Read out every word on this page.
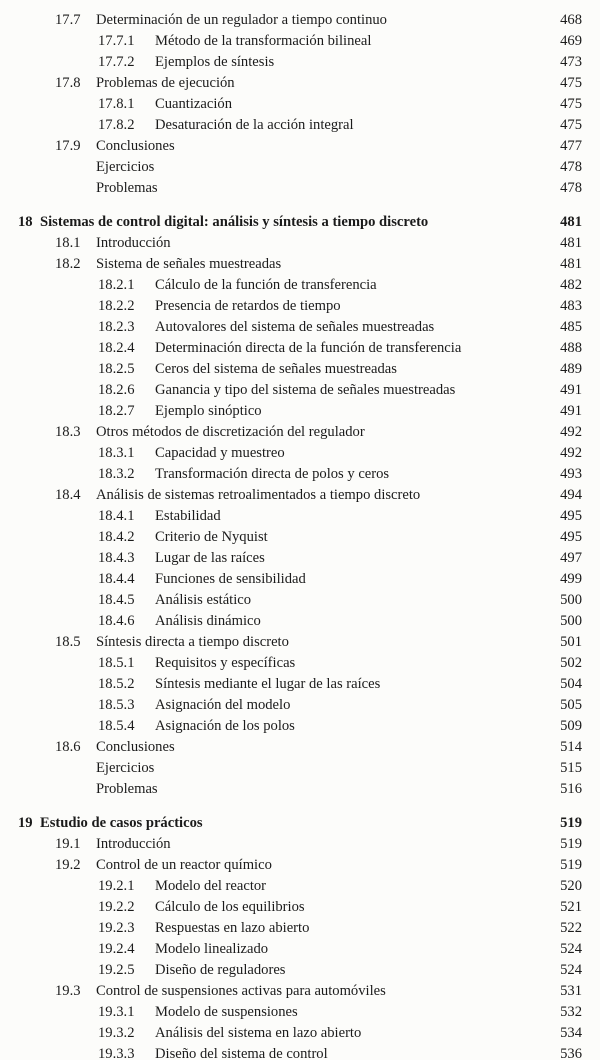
17.7	Determinación de un regulador a tiempo continuo	468
17.7.1	Método de la transformación bilineal	469
17.7.2	Ejemplos de síntesis	473
17.8	Problemas de ejecución	475
17.8.1	Cuantización	475
17.8.2	Desaturación de la acción integral	475
17.9	Conclusiones	477
Ejercicios	478
Problemas	478
18 Sistemas de control digital: análisis y síntesis a tiempo discreto	481
18.1	Introducción	481
18.2	Sistema de señales muestreadas	481
18.2.1	Cálculo de la función de transferencia	482
18.2.2	Presencia de retardos de tiempo	483
18.2.3	Autovalores del sistema de señales muestreadas	485
18.2.4	Determinación directa de la función de transferencia	488
18.2.5	Ceros del sistema de señales muestreadas	489
18.2.6	Ganancia y tipo del sistema de señales muestreadas	491
18.2.7	Ejemplo sinóptico	491
18.3	Otros métodos de discretización del regulador	492
18.3.1	Capacidad y muestreo	492
18.3.2	Transformación directa de polos y ceros	493
18.4	Análisis de sistemas retroalimentados a tiempo discreto	494
18.4.1	Estabilidad	495
18.4.2	Criterio de Nyquist	495
18.4.3	Lugar de las raíces	497
18.4.4	Funciones de sensibilidad	499
18.4.5	Análisis estático	500
18.4.6	Análisis dinámico	500
18.5	Síntesis directa a tiempo discreto	501
18.5.1	Requisitos y específicas	502
18.5.2	Síntesis mediante el lugar de las raíces	504
18.5.3	Asignación del modelo	505
18.5.4	Asignación de los polos	509
18.6	Conclusiones	514
Ejercicios	515
Problemas	516
19 Estudio de casos prácticos	519
19.1	Introducción	519
19.2	Control de un reactor químico	519
19.2.1	Modelo del reactor	520
19.2.2	Cálculo de los equilibrios	521
19.2.3	Respuestas en lazo abierto	522
19.2.4	Modelo linealizado	524
19.2.5	Diseño de reguladores	524
19.3	Control de suspensiones activas para automóviles	531
19.3.1	Modelo de suspensiones	532
19.3.2	Análisis del sistema en lazo abierto	534
19.3.3	Diseño del sistema de control	536
